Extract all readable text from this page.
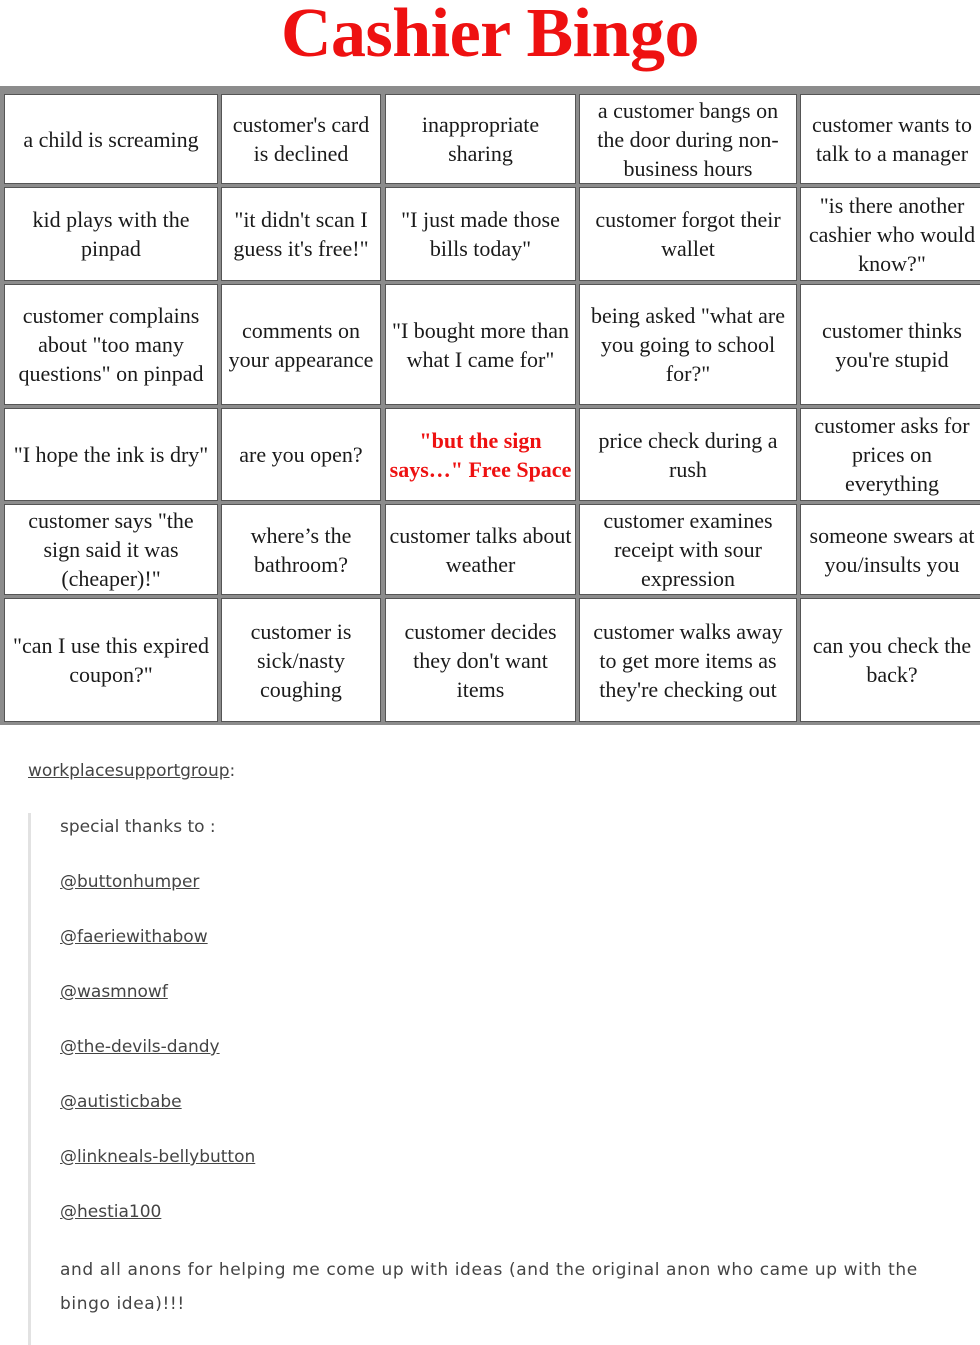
Cashier Bingo
a child is screaming
customer's card is declined
inappropriate sharing
a customer bangs on the door during non-business hours
customer wants to talk to a manager
kid plays with the pinpad
"it didn't scan I guess it's free!"
"I just made those bills today"
customer forgot their wallet
"is there another cashier who would know?"
customer complains about "too many questions" on pinpad
comments on your appearance
"I bought more than what I came for"
being asked "what are you going to school for?"
customer thinks you're stupid
"I hope the ink is dry"	are you open?
"but the sign says…" Free Space
price check during a rush
customer asks for prices on everything
customer says "the sign said it was (cheaper)!"
where’s the bathroom?
customer talks about weather
customer examines receipt with sour expression
someone swears at you/insults you
"can I use this expired coupon?"
customer is sick/nasty coughing
customer decides they don't want items
customer walks away to get more items as they're checking out
can you check the back?
workplacesupportgroup:
special thanks to :
@buttonhumper
@faeriewithabow
@wasmnowf
@the-devils-dandy
@autisticbabe
@linkneals-bellybutton
@hestia100
and all anons for helping me come up with ideas (and the original anon who came up with the bingo idea)!!!
